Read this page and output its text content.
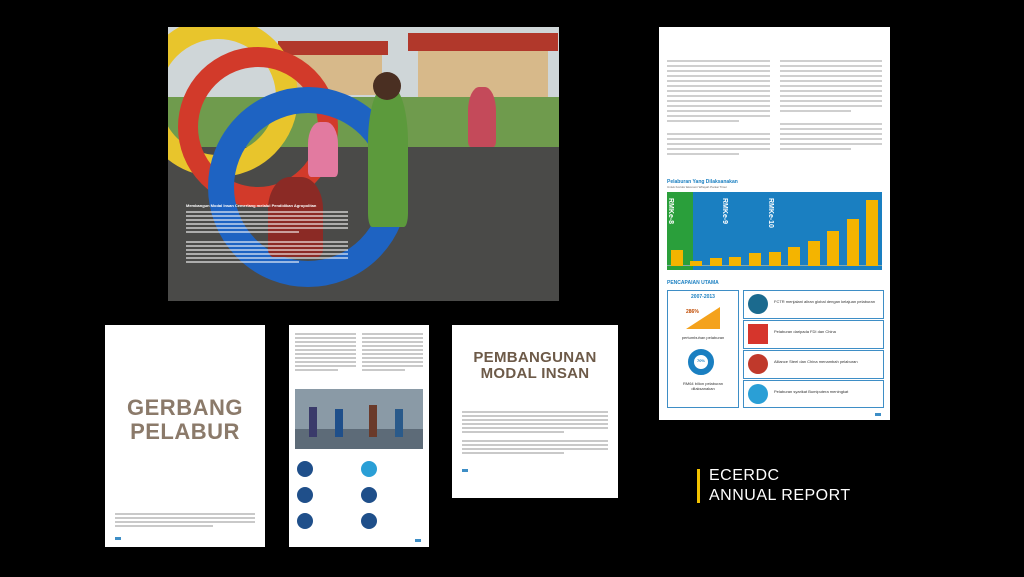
Membangun Modal Insan Cemerlang melalui Pendidikan Agropolitan
Pelaburan Yang Dilaksanakan
Untuk Koridor Ekonomi Wilayah Pantai Timur
RMKe-8	RMKe-9	RMKe-10
PENCAPAIAN UTAMA
2007-2013
286%
pertumbuhan pelaburan
70%
RM64 bilion pelaburan dilaksanakan
FCTR menjalani aliran global dengan kelajuan pelaburan
Pelaburan daripada FDI dan China
Alliance Steel dan China menambah pelaburan
Pelaburan syarikat Bumiputera meningkat
GERBANG
PELABUR
PEMBANGUNAN
MODAL INSAN
ECERDC
ANNUAL REPORT
